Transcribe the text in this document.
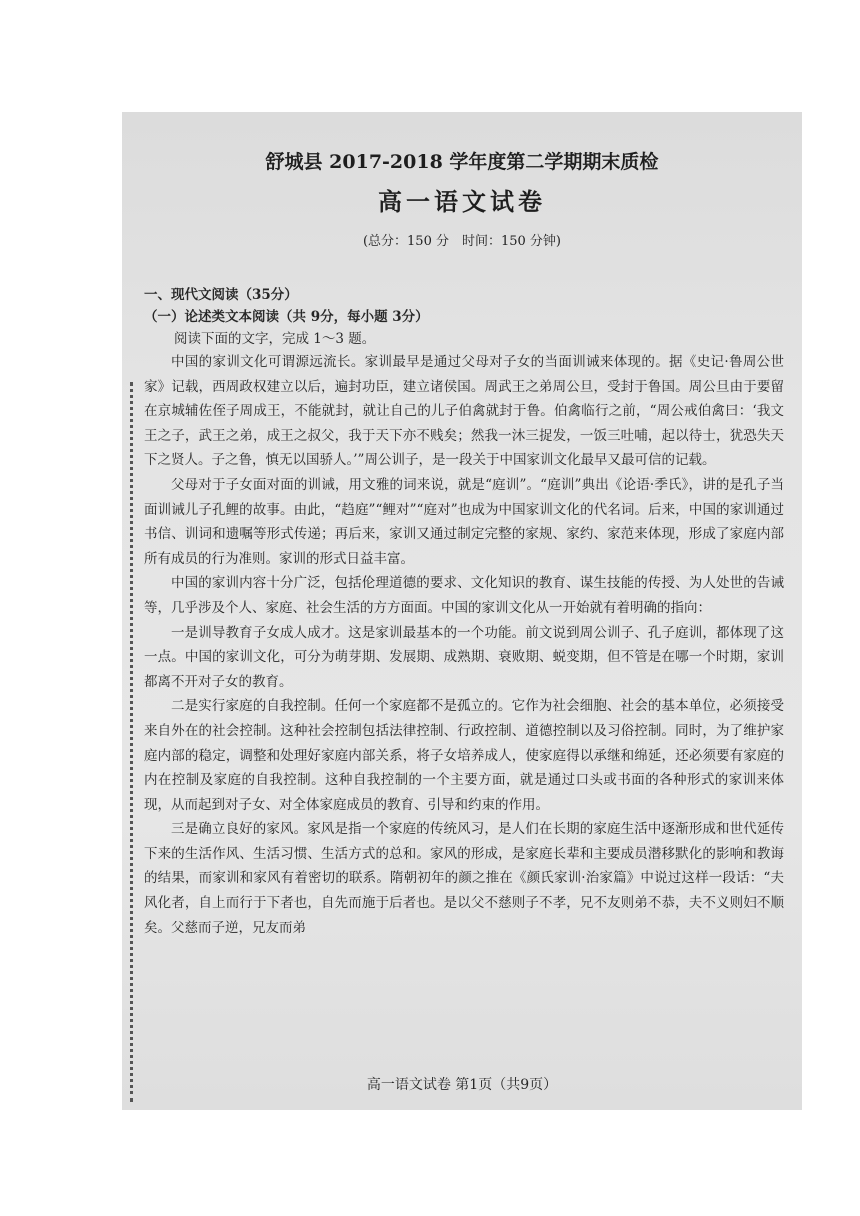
舒城县 2017-2018 学年度第二学期期末质检
高一语文试卷

(总分：150 分　时间：150 分钟)

一、现代文阅读（35分）

（一）论述类文本阅读（共 9分，每小题 3分）

阅读下面的文字，完成 1～3 题。

中国的家训文化可谓源远流长。家训最早是通过父母对子女的当面训诫来体现的。据《史记·鲁周公世家》记载，西周政权建立以后，遍封功臣，建立诸侯国。周武王之弟周公旦，受封于鲁国。周公旦由于要留在京城辅佐侄子周成王，不能就封，就让自己的儿子伯禽就封于鲁。伯禽临行之前，“周公戒伯禽曰：‘我文王之子，武王之弟，成王之叔父，我于天下亦不贱矣；然我一沐三捉发，一饭三吐哺，起以待士，犹恐失天下之贤人。子之鲁，慎无以国骄人。’”周公训子，是一段关于中国家训文化最早又最可信的记载。

父母对于子女面对面的训诫，用文雅的词来说，就是“庭训”。“庭训”典出《论语·季氏》，讲的是孔子当面训诫儿子孔鲤的故事。由此，“趋庭”“鲤对”“庭对”也成为中国家训文化的代名词。后来，中国的家训通过书信、训词和遗嘱等形式传递；再后来，家训又通过制定完整的家规、家约、家范来体现，形成了家庭内部所有成员的行为准则。家训的形式日益丰富。

中国的家训内容十分广泛，包括伦理道德的要求、文化知识的教育、谋生技能的传授、为人处世的告诫等，几乎涉及个人、家庭、社会生活的方方面面。中国的家训文化从一开始就有着明确的指向：

一是训导教育子女成人成才。这是家训最基本的一个功能。前文说到周公训子、孔子庭训，都体现了这一点。中国的家训文化，可分为萌芽期、发展期、成熟期、衰败期、蜕变期，但不管是在哪一个时期，家训都离不开对子女的教育。

二是实行家庭的自我控制。任何一个家庭都不是孤立的。它作为社会细胞、社会的基本单位，必须接受来自外在的社会控制。这种社会控制包括法律控制、行政控制、道德控制以及习俗控制。同时，为了维护家庭内部的稳定，调整和处理好家庭内部关系，将子女培养成人，使家庭得以承继和绵延，还必须要有家庭的内在控制及家庭的自我控制。这种自我控制的一个主要方面，就是通过口头或书面的各种形式的家训来体现，从而起到对子女、对全体家庭成员的教育、引导和约束的作用。

三是确立良好的家风。家风是指一个家庭的传统风习，是人们在长期的家庭生活中逐渐形成和世代延传下来的生活作风、生活习惯、生活方式的总和。家风的形成，是家庭长辈和主要成员潜移默化的影响和教诲的结果，而家训和家风有着密切的联系。隋朝初年的颜之推在《颜氏家训·治家篇》中说过这样一段话：“夫风化者，自上而行于下者也，自先而施于后者也。是以父不慈则子不孝，兄不友则弟不恭，夫不义则妇不顺矣。父慈而子逆，兄友而弟

高一语文试卷 第1页（共9页）
